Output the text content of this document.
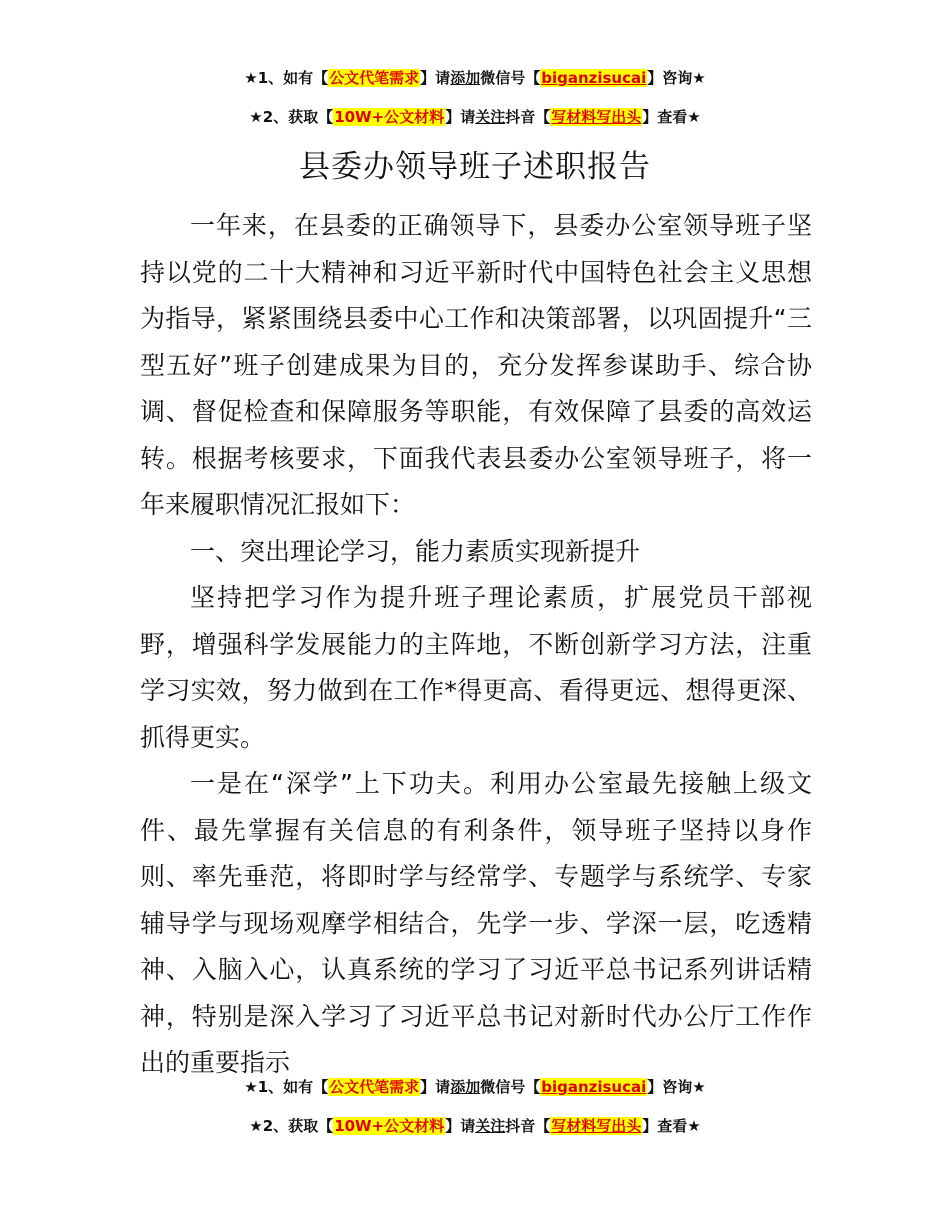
★1、如有【公文代笔需求】请添加微信号【biganzisucai】咨询★
★2、获取【10W+公文材料】请关注抖音【写材料写出头】查看★
县委办领导班子述职报告

一年来，在县委的正确领导下，县委办公室领导班子坚持以党的二十大精神和习近平新时代中国特色社会主义思想为指导，紧紧围绕县委中心工作和决策部署，以巩固提升“三型五好”班子创建成果为目的，充分发挥参谋助手、综合协调、督促检查和保障服务等职能，有效保障了县委的高效运转。根据考核要求，下面我代表县委办公室领导班子，将一年来履职情况汇报如下：

一、突出理论学习，能力素质实现新提升

坚持把学习作为提升班子理论素质，扩展党员干部视野，增强科学发展能力的主阵地，不断创新学习方法，注重学习实效，努力做到在工作*得更高、看得更远、想得更深、抓得更实。

一是在“深学”上下功夫。利用办公室最先接触上级文件、最先掌握有关信息的有利条件，领导班子坚持以身作则、率先垂范，将即时学与经常学、专题学与系统学、专家辅导学与现场观摩学相结合，先学一步、学深一层，吃透精神、入脑入心，认真系统的学习了习近平总书记系列讲话精神，特别是深入学习了习近平总书记对新时代办公厅工作作出的重要指示

★1、如有【公文代笔需求】请添加微信号【biganzisucai】咨询★
★2、获取【10W+公文材料】请关注抖音【写材料写出头】查看★
